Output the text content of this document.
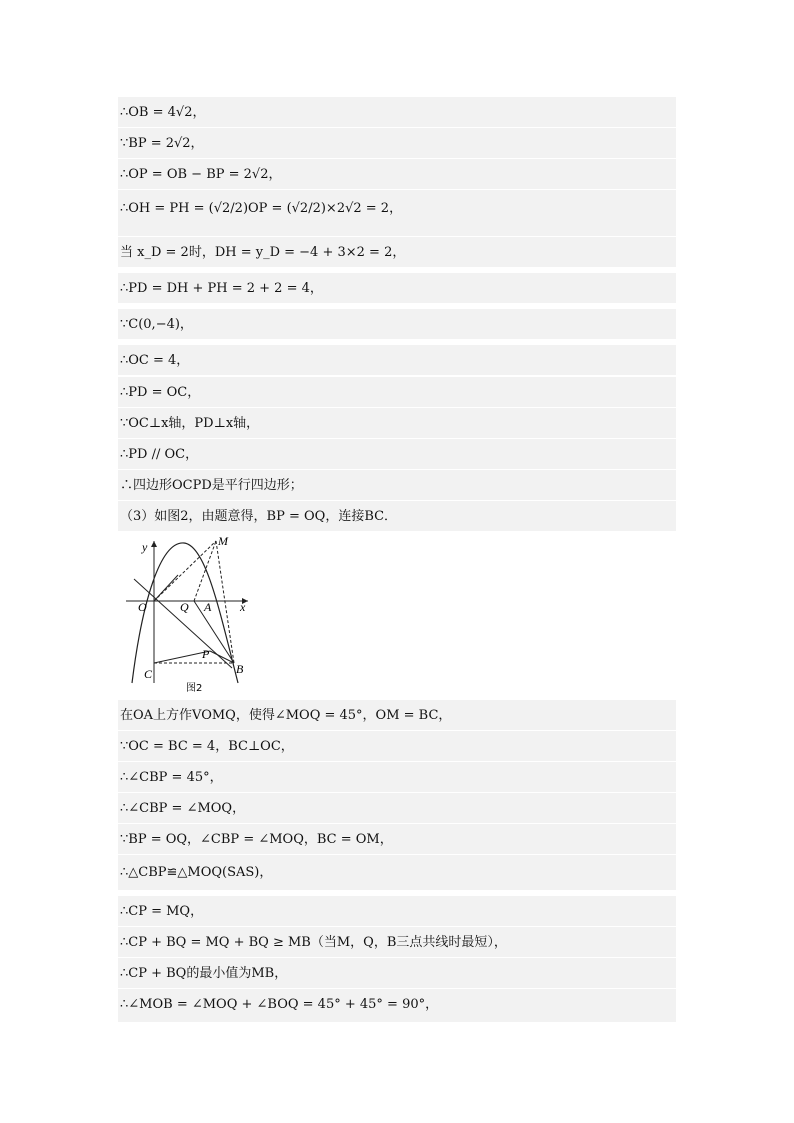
∴OB = 4√2，
∵BP = 2√2，
∴OP = OB − BP = 2√2，
∴OH = PH = (√2/2)OP = (√2/2)×2√2 = 2，
当 x_D = 2时，DH = y_D = −4 + 3×2 = 2，
∴PD = DH + PH = 2 + 2 = 4，
∵C(0,−4)，
∴OC = 4，
∴PD = OC，
∵OC⊥x轴，PD⊥x轴，
∴PD // OC，
∴四边形OCPD是平行四边形；
（3）如图2，由题意得，BP = OQ，连接BC．
y
x
M
O	Q A
P
C	B
图2
在OA上方作VOMQ，使得∠MOQ = 45°，OM = BC，
∵OC = BC = 4，BC⊥OC，
∴∠CBP = 45°，
∴∠CBP = ∠MOQ，
∵BP = OQ，∠CBP = ∠MOQ，BC = OM，
∴△CBP≌△MOQ(SAS)，
∴CP = MQ，
∴CP + BQ = MQ + BQ ≥ MB（当M，Q，B三点共线时最短），
∴CP + BQ的最小值为MB，
∴∠MOB = ∠MOQ + ∠BOQ = 45° + 45° = 90°，
